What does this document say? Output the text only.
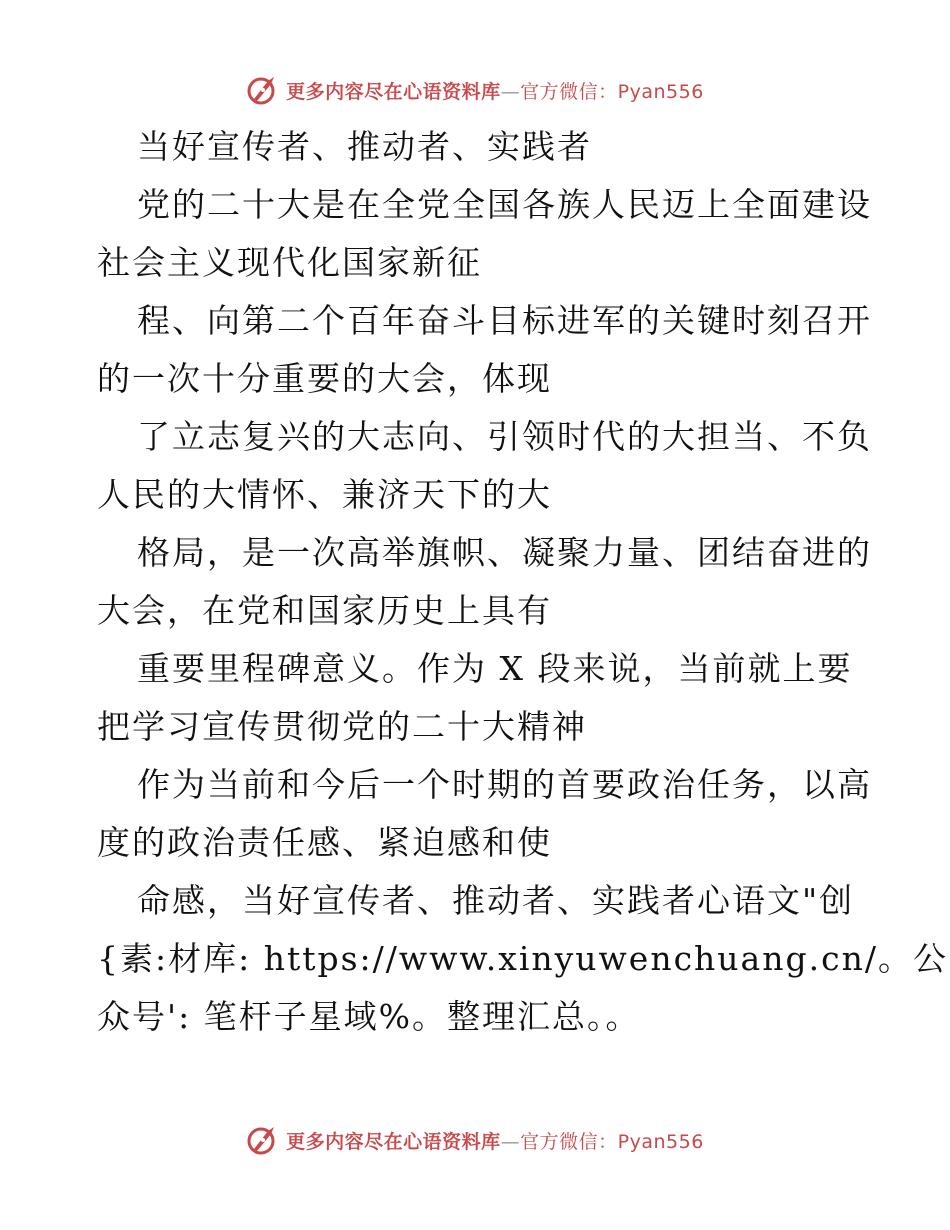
更多内容尽在心语资料库—官方微信：Pyan556
当好宣传者、推动者、实践者
党的二十大是在全党全国各族人民迈上全面建设
社会主义现代化国家新征
程、向第二个百年奋斗目标进军的关键时刻召开
的一次十分重要的大会，体现
了立志复兴的大志向、引领时代的大担当、不负
人民的大情怀、兼济天下的大
格局，是一次高举旗帜、凝聚力量、团结奋进的
大会，在党和国家历史上具有
重要里程碑意义。作为 X 段来说，当前就上要
把学习宣传贯彻党的二十大精神
作为当前和今后一个时期的首要政治任务，以高
度的政治责任感、紧迫感和使
命感，当好宣传者、推动者、实践者心语文"创
{素:材库: https://www.xinyuwenchuang.cn/。公
众号': 笔杆子星域%。整理汇总。。
更多内容尽在心语资料库—官方微信：Pyan556
